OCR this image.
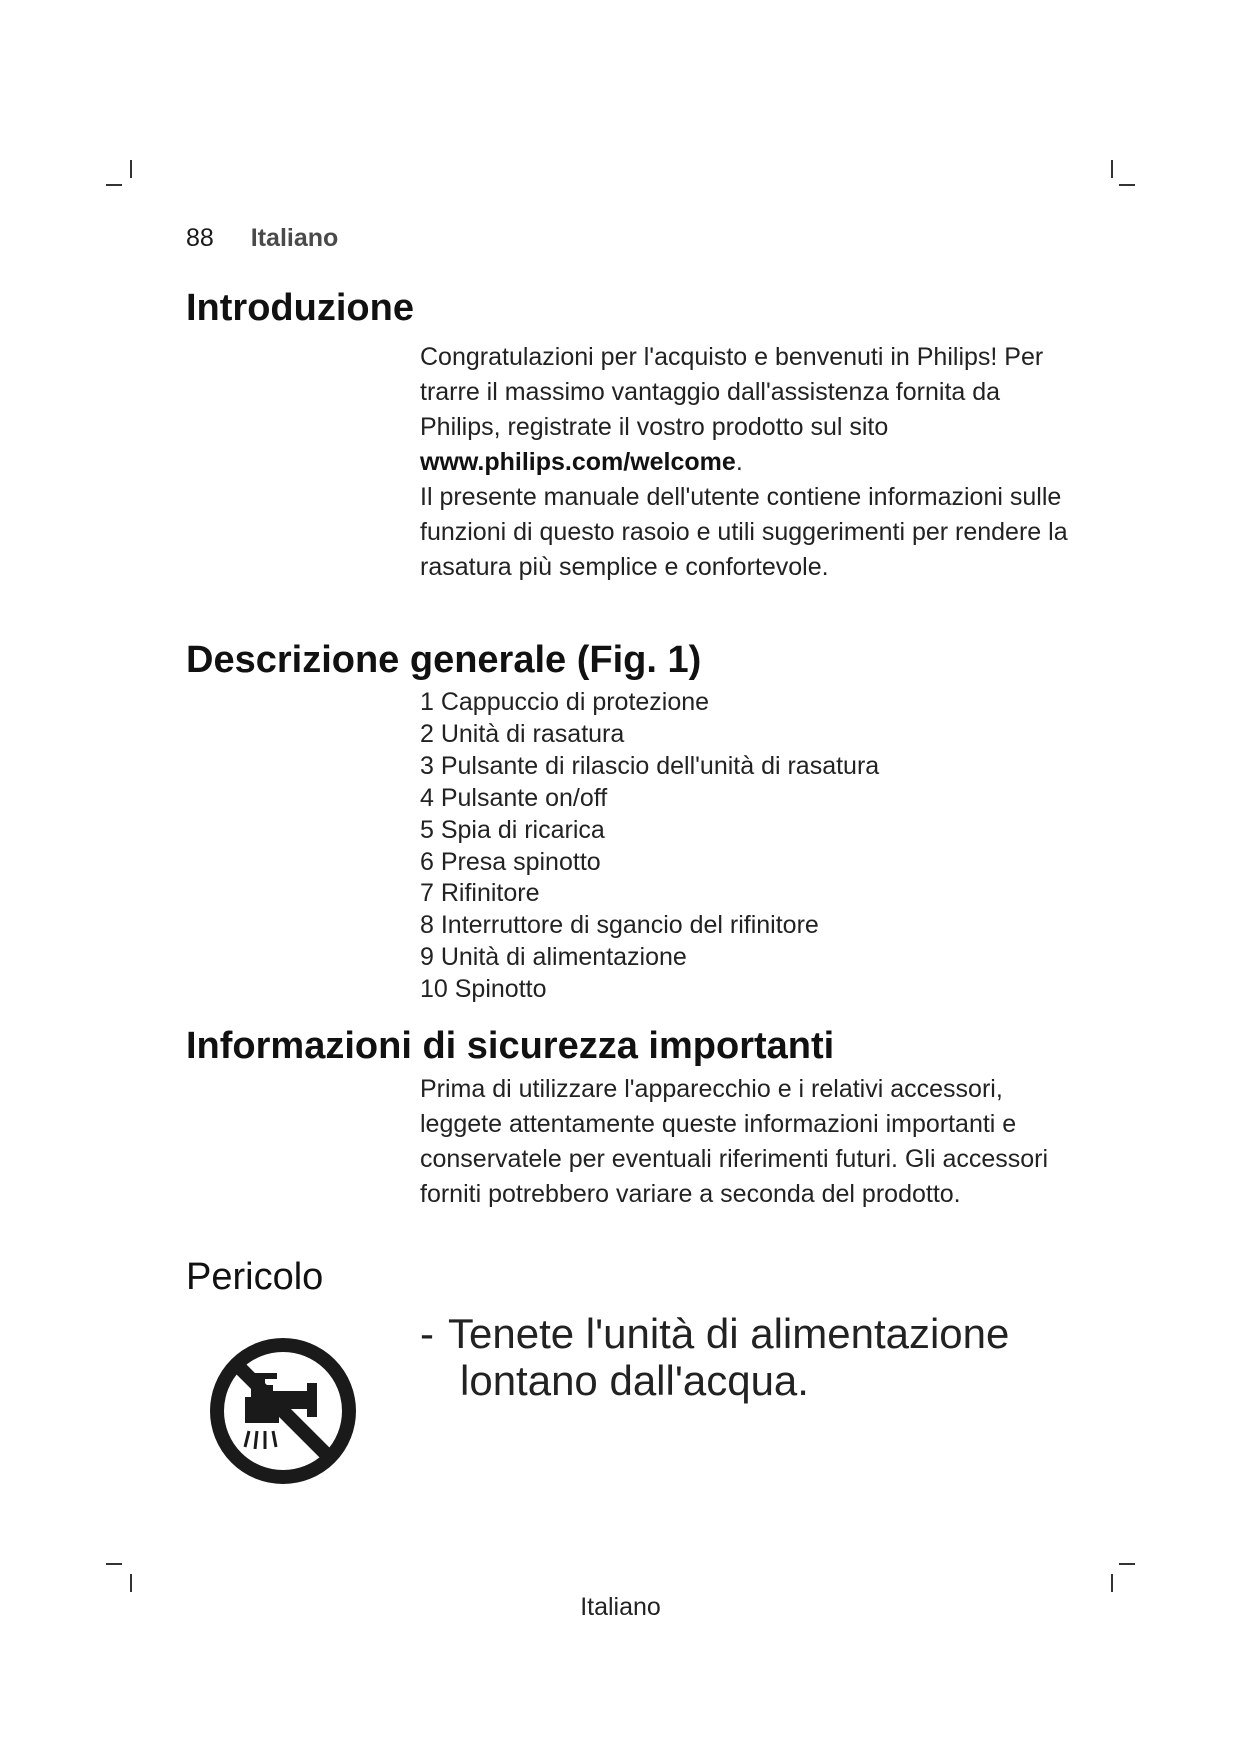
88 Italiano
Introduzione

Congratulazioni per l'acquisto e benvenuti in Philips! Per trarre il massimo vantaggio dall'assistenza fornita da Philips, registrate il vostro prodotto sul sito www.philips.com/welcome.

Il presente manuale dell'utente contiene informazioni sulle funzioni di questo rasoio e utili suggerimenti per rendere la rasatura più semplice e confortevole.

Descrizione generale (Fig. 1)
1 Cappuccio di protezione
2 Unità di rasatura
3 Pulsante di rilascio dell'unità di rasatura
4 Pulsante on/off
5 Spia di ricarica
6 Presa spinotto
7 Rifinitore
8 Interruttore di sgancio del rifinitore
9 Unità di alimentazione
10 Spinotto
Informazioni di sicurezza importanti

Prima di utilizzare l'apparecchio e i relativi accessori, leggete attentamente queste informazioni importanti e conservatele per eventuali riferimenti futuri. Gli accessori forniti potrebbero variare a seconda del prodotto.

Pericolo
- Tenete l'unità di alimentazione
lontano dall'acqua.
Italiano
